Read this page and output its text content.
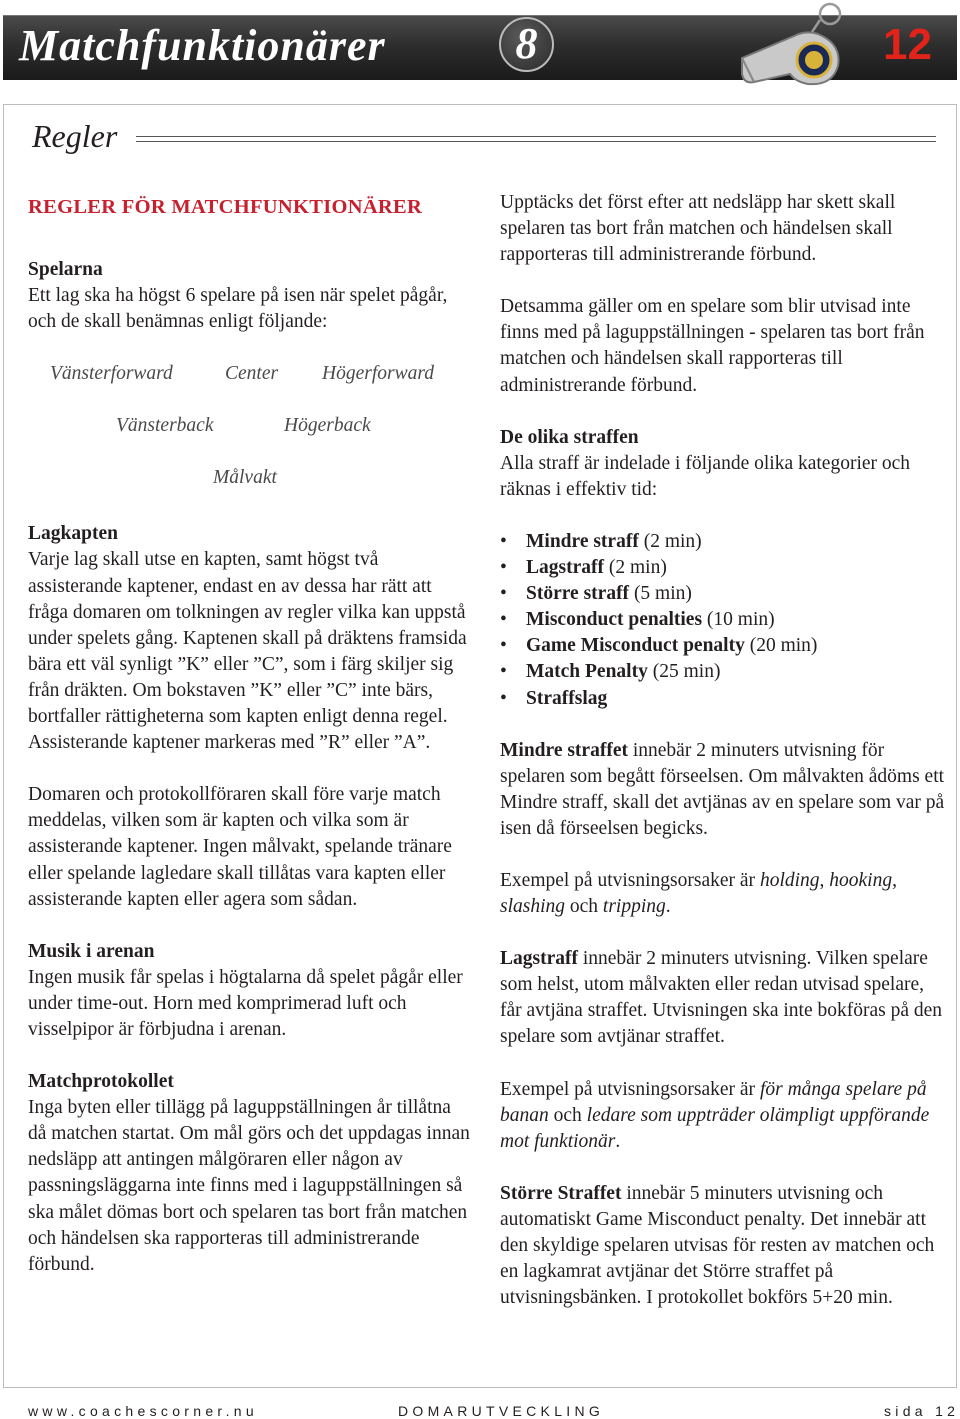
Matchfunktionärer	8	12
Regler

REGLER FÖR MATCHFUNKTIONÄRER

Spelarna

Ett lag ska ha högst 6 spelare på isen när spelet pågår, och de skall benämnas enligt följande:

Vänsterforward	Center Högerforward

Vänsterback	Högerback

Målvakt

Lagkapten

Varje lag skall utse en kapten, samt högst två assisterande kaptener, endast en av dessa har rätt att fråga domaren om tolkningen av regler vilka kan uppstå under spelets gång. Kaptenen skall på dräktens framsida bära ett väl synligt ”K” eller ”C”, som i färg skiljer sig från dräkten. Om bokstaven ”K” eller ”C” inte bärs, bortfaller rättigheterna som kapten enligt denna regel. Assisterande kaptener markeras med ”R” eller ”A”.

Domaren och protokollföraren skall före varje match meddelas, vilken som är kapten och vilka som är assisterande kaptener. Ingen målvakt, spelande tränare eller spelande lagledare skall tillåtas vara kapten eller assisterande kapten eller agera som sådan.

Musik i arenan

Ingen musik får spelas i högtalarna då spelet pågår eller under time-out. Horn med komprimerad luft och visselpipor är förbjudna i arenan.

Matchprotokollet

Inga byten eller tillägg på laguppställningen år tillåtna då matchen startat. Om mål görs och det uppdagas innan nedsläpp att antingen målgöraren eller någon av passningsläggarna inte finns med i laguppställningen så ska målet dömas bort och spelaren tas bort från matchen och händelsen ska rapporteras till administrerande förbund.

Upptäcks det först efter att nedsläpp har skett skall spelaren tas bort från matchen och händelsen skall rapporteras till administrerande förbund.

Detsamma gäller om en spelare som blir utvisad inte finns med på laguppställningen - spelaren tas bort från matchen och händelsen skall rapporteras till administrerande förbund.

De olika straffen

Alla straff är indelade i följande olika kategorier och räknas i effektiv tid:

• Mindre straff (2 min)
• Lagstraff (2 min)
• Större straff (5 min)
• Misconduct penalties (10 min)
• Game Misconduct penalty (20 min)
• Match Penalty (25 min)
• Straffslag

Mindre straffet innebär 2 minuters utvisning för spelaren som begått förseelsen. Om målvakten ådöms ett Mindre straff, skall det avtjänas av en spelare som var på isen då förseelsen begicks.

Exempel på utvisningsorsaker är holding, hooking, slashing och tripping.

Lagstraff innebär 2 minuters utvisning. Vilken spelare som helst, utom målvakten eller redan utvisad spelare, får avtjäna straffet. Utvisningen ska inte bokföras på den spelare som avtjänar straffet.

Exempel på utvisningsorsaker är för många spelare på banan och ledare som uppträder olämpligt uppförande mot funktionär.

Större Straffet innebär 5 minuters utvisning och automatiskt Game Misconduct penalty. Det innebär att den skyldige spelaren utvisas för resten av matchen och en lagkamrat avtjänar det Större straffet på utvisningsbänken. I protokollet bokförs 5+20 min.

www.coachescorner.nu	DOMARUTVECKLING	sida 12
